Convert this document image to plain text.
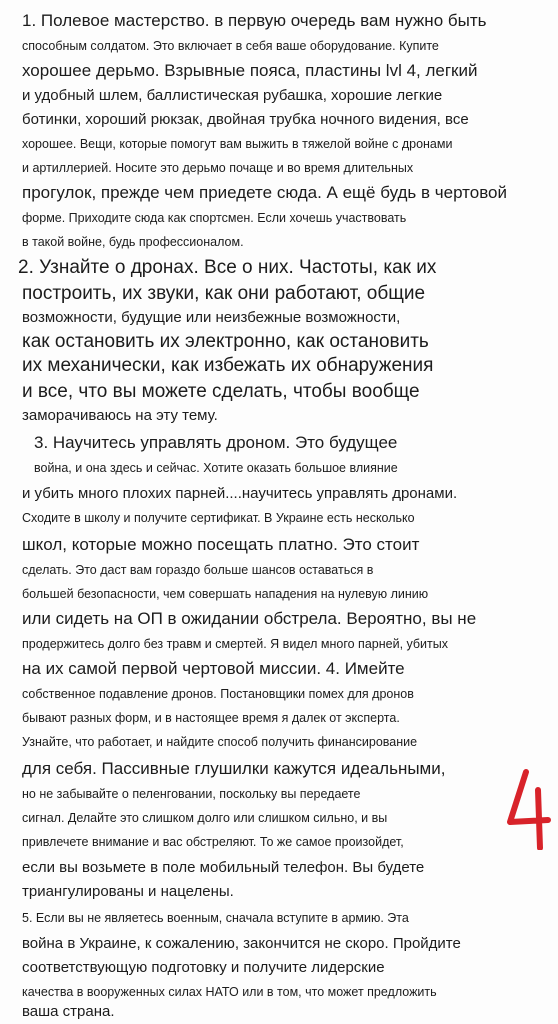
1. Полевое мастерство. в первую очередь вам нужно быть
способным солдатом. Это включает в себя ваше оборудование. Купите
хорошее дерьмо. Взрывные пояса, пластины lvl 4, легкий
и удобный шлем, баллистическая рубашка, хорошие легкие
ботинки, хороший рюкзак, двойная трубка ночного видения, все
хорошее. Вещи, которые помогут вам выжить в тяжелой войне с дронами
и артиллерией. Носите это дерьмо почаще и во время длительных
прогулок, прежде чем приедете сюда. А ещё будь в чертовой
форме. Приходите сюда как спортсмен. Если хочешь участвовать
в такой войне, будь профессионалом.
2. Узнайте о дронах. Все о них. Частоты, как их
построить, их звуки, как они работают, общие
возможности, будущие или неизбежные возможности,
как остановить их электронно, как остановить
их механически, как избежать их обнаружения
и все, что вы можете сделать, чтобы вообще
заморачиваюсь на эту тему.
3. Научитесь управлять дроном. Это будущее
война, и она здесь и сейчас. Хотите оказать большое влияние
и убить много плохих парней....научитесь управлять дронами.
Сходите в школу и получите сертификат. В Украине есть несколько
школ, которые можно посещать платно. Это стоит
сделать. Это даст вам гораздо больше шансов оставаться в
большей безопасности, чем совершать нападения на нулевую линию
или сидеть на ОП в ожидании обстрела. Вероятно, вы не
продержитесь долго без травм и смертей. Я видел много парней, убитых
на их самой первой чертовой миссии. 4. Имейте
собственное подавление дронов. Постановщики помех для дронов
бывают разных форм, и в настоящее время я далек от эксперта.
Узнайте, что работает, и найдите способ получить финансирование
для себя. Пассивные глушилки кажутся идеальными,
но не забывайте о пеленговании, поскольку вы передаете
сигнал. Делайте это слишком долго или слишком сильно, и вы
привлечете внимание и вас обстреляют. То же самое произойдет,
если вы возьмете в поле мобильный телефон. Вы будете
триангулированы и нацелены.
5. Если вы не являетесь военным, сначала вступите в армию. Эта
война в Украине, к сожалению, закончится не скоро. Пройдите
соответствующую подготовку и получите лидерские
качества в вооруженных силах НАТО или в том, что может предложить
ваша страна.
